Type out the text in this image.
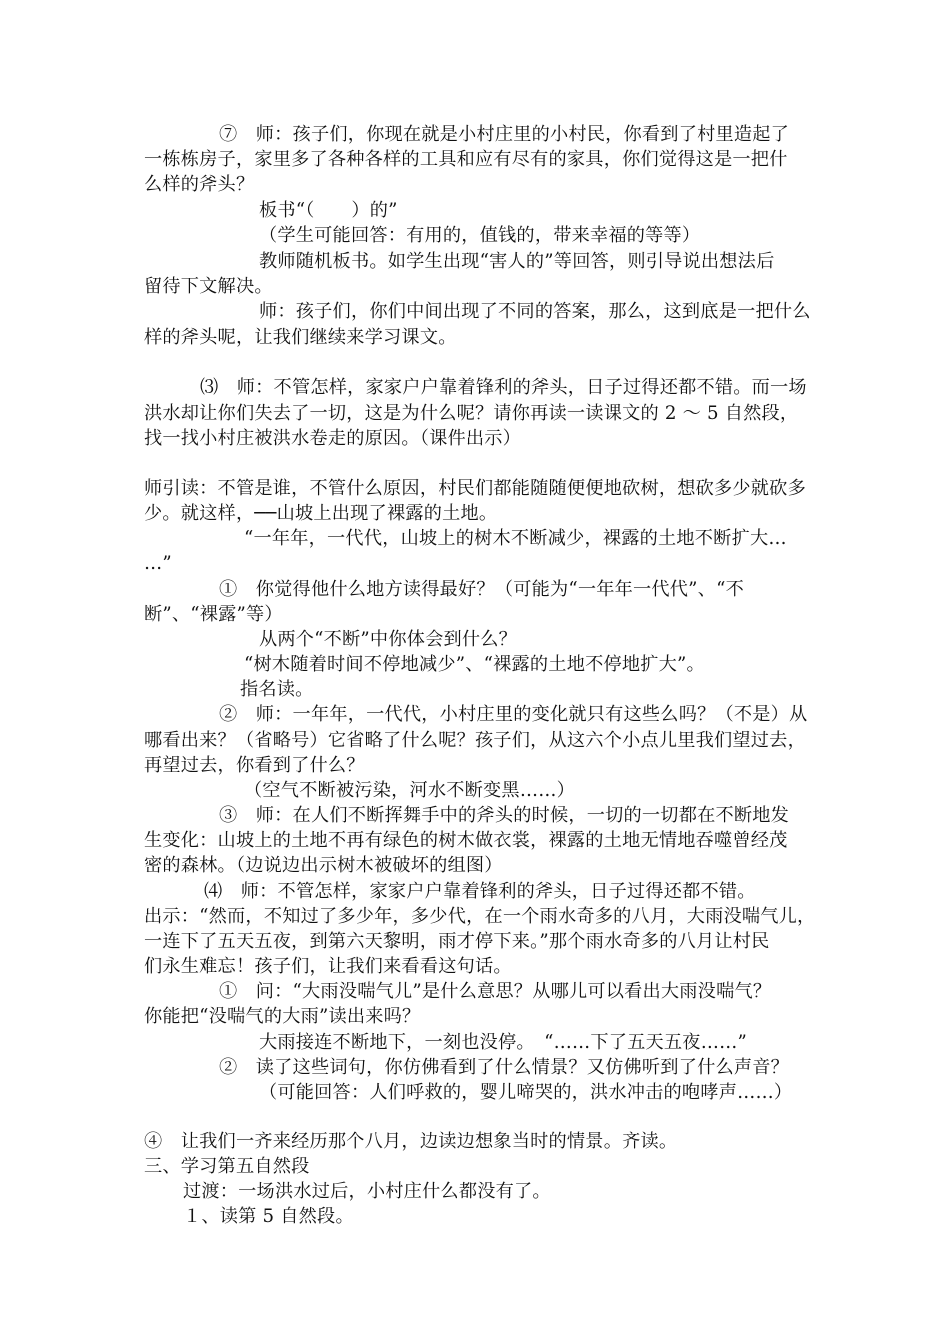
⑦　师：孩子们，你现在就是小村庄里的小村民，你看到了村里造起了
一栋栋房子，家里多了各种各样的工具和应有尽有的家具，你们觉得这是一把什
么样的斧头？
板书“（　　）的”
（学生可能回答：有用的，值钱的，带来幸福的等等）
教师随机板书。如学生出现“害人的”等回答，则引导说出想法后
留待下文解决。
师：孩子们，你们中间出现了不同的答案，那么，这到底是一把什么
样的斧头呢，让我们继续来学习课文。
⑶　师：不管怎样，家家户户靠着锋利的斧头，日子过得还都不错。而一场
洪水却让你们失去了一切，这是为什么呢？请你再读一读课文的 2 ～ 5 自然段，
找一找小村庄被洪水卷走的原因。（课件出示）
师引读：不管是谁，不管什么原因，村民们都能随随便便地砍树，想砍多少就砍多
少。就这样，──山坡上出现了裸露的土地。
“一年年，一代代，山坡上的树木不断减少，裸露的土地不断扩大…
…”
①　你觉得他什么地方读得最好？（可能为“一年年一代代”、“不
断”、“裸露”等）
从两个“不断”中你体会到什么？
“树木随着时间不停地减少”、“裸露的土地不停地扩大”。
指名读。
②　师：一年年，一代代，小村庄里的变化就只有这些么吗？（不是）从
哪看出来？（省略号）它省略了什么呢？孩子们，从这六个小点儿里我们望过去，
再望过去，你看到了什么？
（空气不断被污染，河水不断变黑……）
③　师：在人们不断挥舞手中的斧头的时候，一切的一切都在不断地发
生变化：山坡上的土地不再有绿色的树木做衣裳，裸露的土地无情地吞噬曾经茂
密的森林。（边说边出示树木被破坏的组图）
⑷　师：不管怎样，家家户户靠着锋利的斧头，日子过得还都不错。
出示：“然而，不知过了多少年，多少代，在一个雨水奇多的八月，大雨没喘气儿，
一连下了五天五夜，到第六天黎明，雨才停下来。”那个雨水奇多的八月让村民
们永生难忘！孩子们，让我们来看看这句话。
①　问：“大雨没喘气儿”是什么意思？从哪儿可以看出大雨没喘气？
你能把“没喘气的大雨”读出来吗？
大雨接连不断地下，一刻也没停。　“……下了五天五夜……”
②　读了这些词句，你仿佛看到了什么情景？又仿佛听到了什么声音？
（可能回答：人们呼救的，婴儿啼哭的，洪水冲击的咆哮声……）
④　让我们一齐来经历那个八月，边读边想象当时的情景。齐读。
三、学习第五自然段
过渡：一场洪水过后，小村庄什么都没有了。
１、读第 5 自然段。
